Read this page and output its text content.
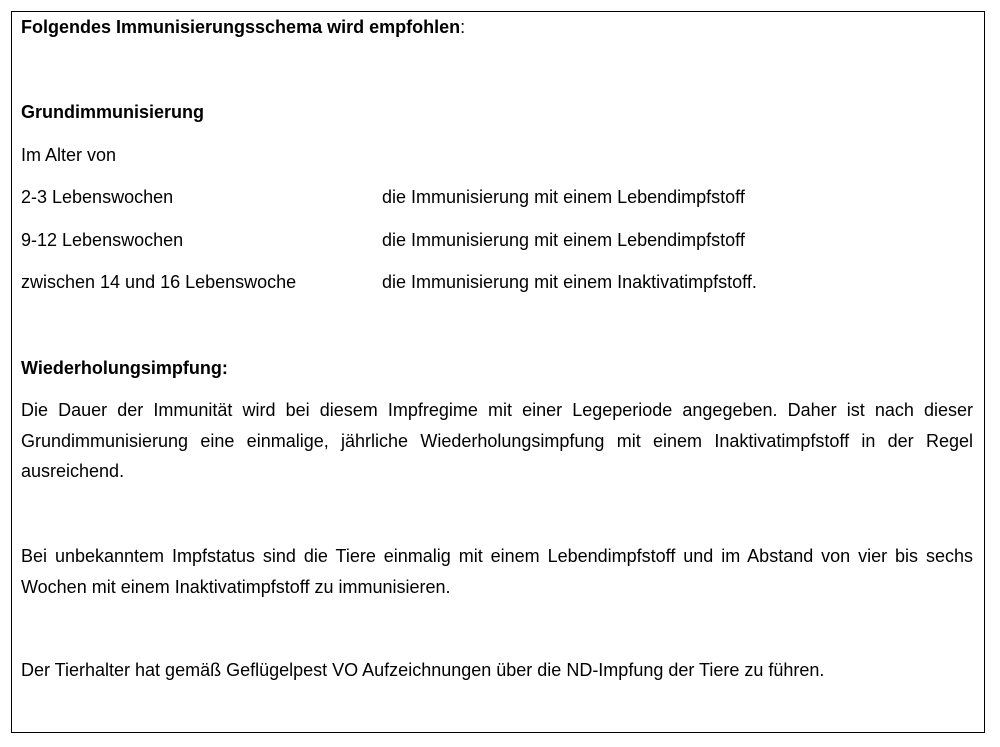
Folgendes Immunisierungsschema wird empfohlen:
Grundimmunisierung
Im Alter von
2-3 Lebenswochen	die Immunisierung mit einem Lebendimpfstoff
9-12 Lebenswochen	die Immunisierung mit einem Lebendimpfstoff
zwischen 14 und 16 Lebenswoche	die Immunisierung mit einem Inaktivatimpfstoff.
Wiederholungsimpfung:
Die Dauer der Immunität wird bei diesem Impfregime mit einer Legeperiode angegeben. Daher ist nach dieser Grundimmunisierung eine einmalige, jährliche Wiederholungsimpfung mit einem Inaktivatimpfstoff in der Regel ausreichend.
Bei unbekanntem Impfstatus sind die Tiere einmalig mit einem Lebendimpfstoff und im Abstand von vier bis sechs Wochen mit einem Inaktivatimpfstoff zu immunisieren.
Der Tierhalter hat gemäß Geflügelpest VO Aufzeichnungen über die ND-Impfung der Tiere zu führen.
